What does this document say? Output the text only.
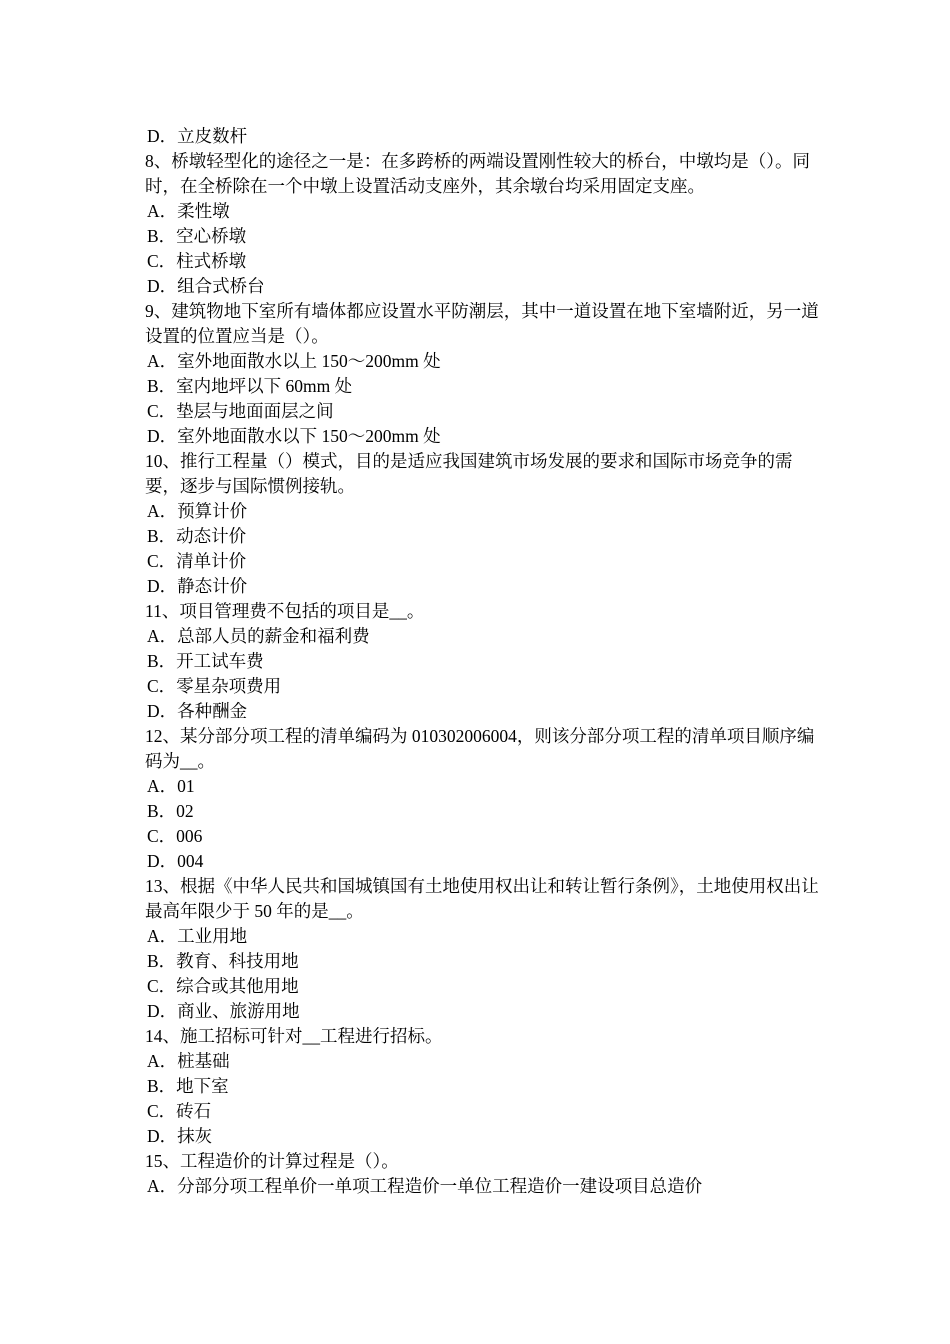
D．立皮数杆
8、桥墩轻型化的途径之一是：在多跨桥的两端设置刚性较大的桥台，中墩均是（）。同时，在全桥除在一个中墩上设置活动支座外，其余墩台均采用固定支座。
A．柔性墩
B．空心桥墩
C．柱式桥墩
D．组合式桥台
9、建筑物地下室所有墙体都应设置水平防潮层，其中一道设置在地下室墙附近，另一道设置的位置应当是（）。
A．室外地面散水以上 150～200mm 处
B．室内地坪以下 60mm 处
C．垫层与地面面层之间
D．室外地面散水以下 150～200mm 处
10、推行工程量（）模式，目的是适应我国建筑市场发展的要求和国际市场竞争的需要，逐步与国际惯例接轨。
A．预算计价
B．动态计价
C．清单计价
D．静态计价
11、项目管理费不包括的项目是__。
A．总部人员的薪金和福利费
B．开工试车费
C．零星杂项费用
D．各种酬金
12、某分部分项工程的清单编码为 010302006004，则该分部分项工程的清单项目顺序编码为__。
A．01
B．02
C．006
D．004
13、根据《中华人民共和国城镇国有土地使用权出让和转让暂行条例》，土地使用权出让最高年限少于 50 年的是__。
A．工业用地
B．教育、科技用地
C．综合或其他用地
D．商业、旅游用地
14、施工招标可针对__工程进行招标。
A．桩基础
B．地下室
C．砖石
D．抹灰
15、工程造价的计算过程是（）。
A．分部分项工程单价一单项工程造价一单位工程造价一建设项目总造价
